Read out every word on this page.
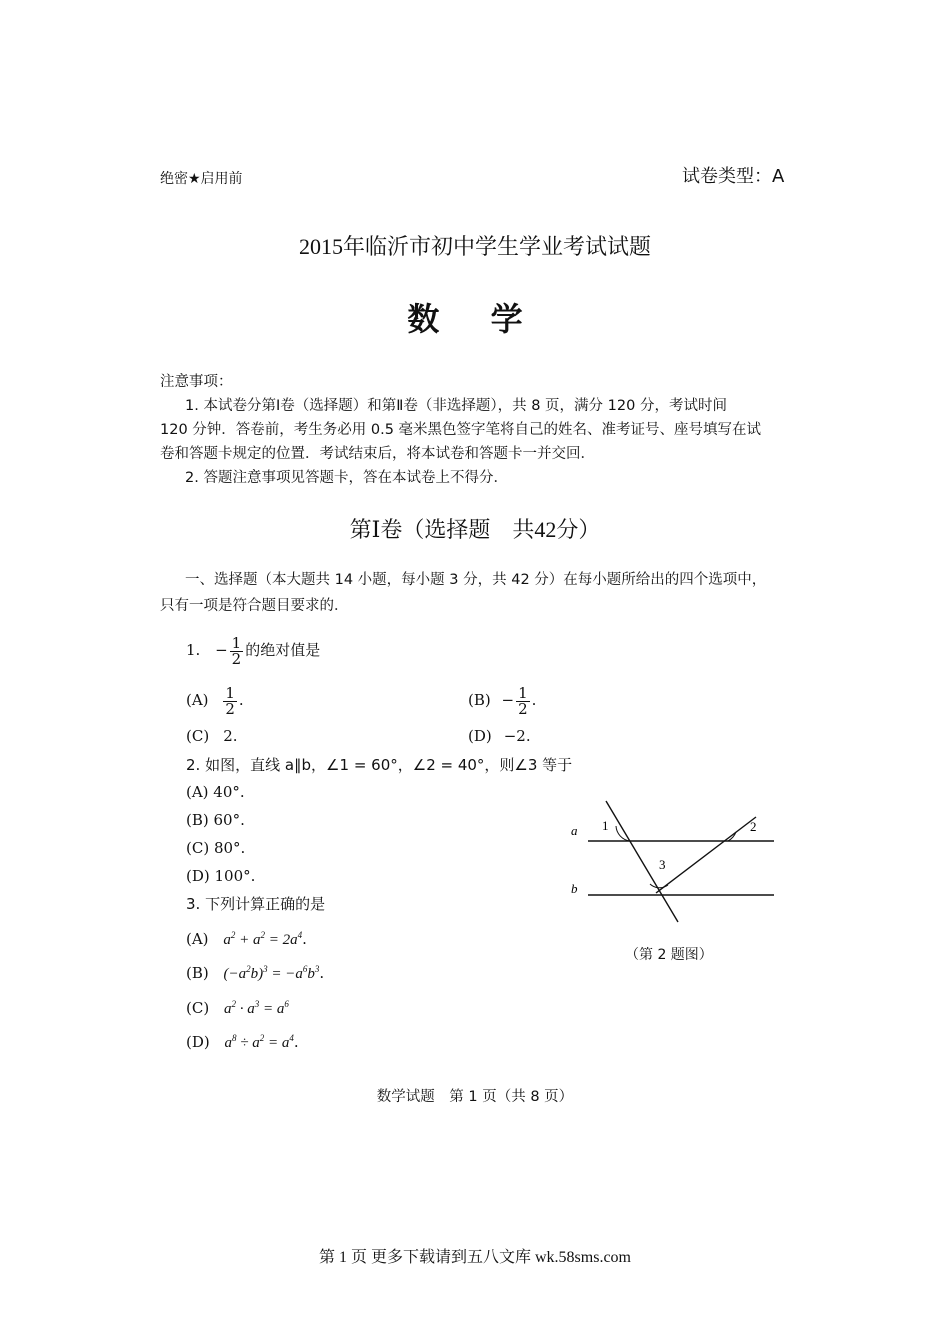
绝密★启用前	试卷类型：A
2015年临沂市初中学生学业考试试题
数 学
注意事项：
1. 本试卷分第Ⅰ卷（选择题）和第Ⅱ卷（非选择题），共 8 页，满分 120 分，考试时间
120 分钟．答卷前，考生务必用 0.5 毫米黑色签字笔将自己的姓名、准考证号、座号填写在试
卷和答题卡规定的位置．考试结束后，将本试卷和答题卡一并交回．
2. 答题注意事项见答题卡，答在本试卷上不得分．
第Ⅰ卷（选择题　共42分）
一、选择题（本大题共 14 小题，每小题 3 分，共 42 分）在每小题所给出的四个选项中，
只有一项是符合题目要求的．
1. − $\frac{1}{2}$ 的绝对值是
$(A) \frac{1}{2}$ .	$(B) - \frac{1}{2}$ .
(C) 2.	(D) −2.
2. 如图，直线 a∥b，∠1 = 60°，∠2 = 40°，则∠3 等于
(A) 40°.
(B) 60°.
(C) 80°.
(D) 100°.
a
b
1	2
3
（第 2 题图）
3. 下列计算正确的是
(A) $a^2 + a^2 = 2a^4$.
(B) $(-a^2b)^3 = -a^6b^3$.
(C) $a^2 \cdot a^3 = a^6$
(D) $a^8 \div a^2 = a^4$.
数学试题　第 1 页（共 8 页）
第 1 页 更多下载请到五八文库 wk.58sms.com
